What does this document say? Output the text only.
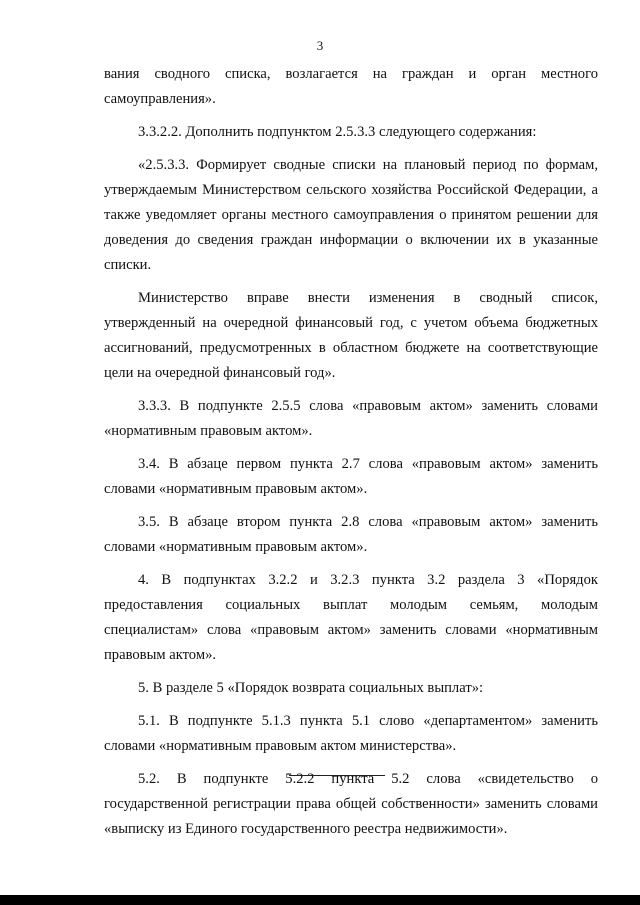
3

вания сводного списка, возлагается на граждан и орган местного самоуправления».

3.3.2.2. Дополнить подпунктом 2.5.3.3 следующего содержания:

«2.5.3.3. Формирует сводные списки на плановый период по формам, утверждаемым Министерством сельского хозяйства Российской Федерации, а также уведомляет органы местного самоуправления о принятом решении для доведения до сведения граждан информации о включении их в указанные списки.

Министерство вправе внести изменения в сводный список, утвержденный на очередной финансовый год, с учетом объема бюджетных ассигнований, предусмотренных в областном бюджете на соответствующие цели на очередной финансовый год».

3.3.3. В подпункте 2.5.5 слова «правовым актом» заменить словами «нормативным правовым актом».

3.4. В абзаце первом пункта 2.7 слова «правовым актом» заменить словами «нормативным правовым актом».

3.5. В абзаце втором пункта 2.8 слова «правовым актом» заменить словами «нормативным правовым актом».

4. В подпунктах 3.2.2 и 3.2.3 пункта 3.2 раздела 3 «Порядок предоставления социальных выплат молодым семьям, молодым специалистам» слова «правовым актом» заменить словами «нормативным правовым актом».

5. В разделе 5 «Порядок возврата социальных выплат»:

5.1. В подпункте 5.1.3 пункта 5.1 слово «департаментом» заменить словами «нормативным правовым актом министерства».

5.2. В подпункте 5.2.2 пункта 5.2 слова «свидетельство о государственной регистрации права общей собственности» заменить словами «выписку из Единого государственного реестра недвижимости».
